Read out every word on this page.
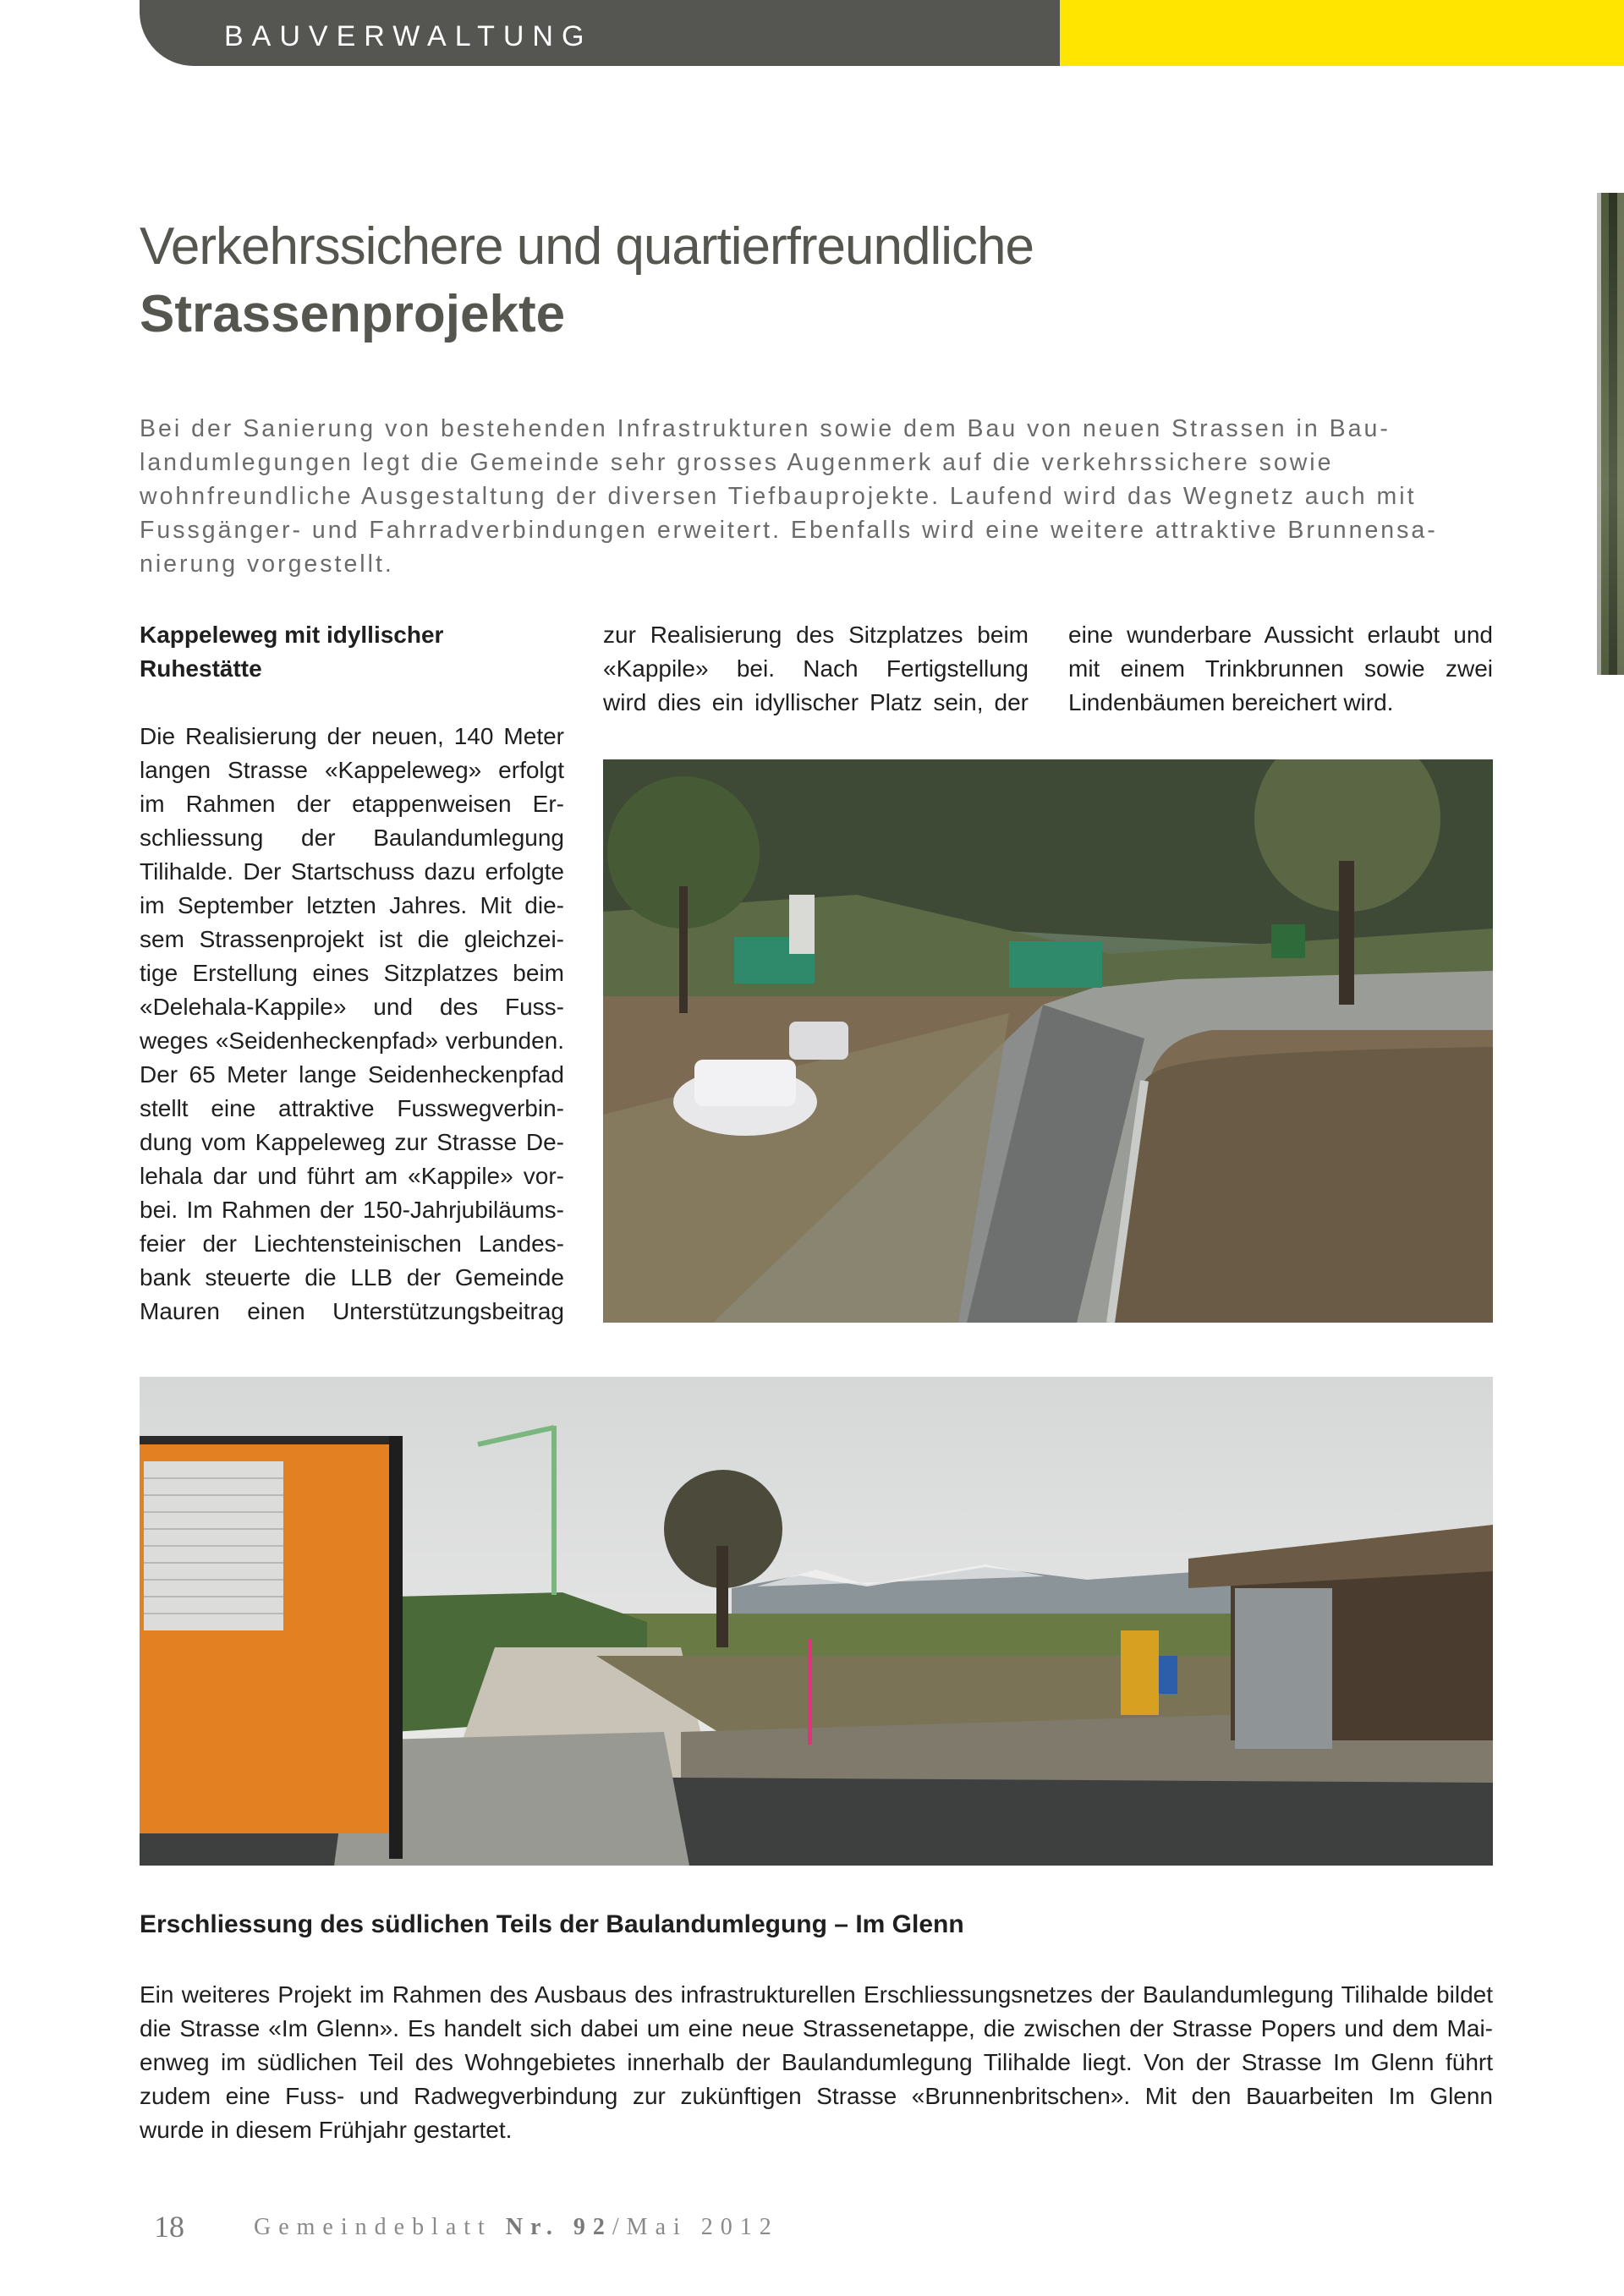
BAUVERWALTUNG
Verkehrssichere und quartierfreundliche
Strassenprojekte
Bei der Sanierung von bestehenden Infrastrukturen sowie dem Bau von neuen Strassen in Bau-
landumlegungen legt die Gemeinde sehr grosses Augenmerk auf die verkehrssichere sowie
wohnfreundliche Ausgestaltung der diversen Tiefbauprojekte. Laufend wird das Wegnetz auch mit
Fussgänger- und Fahrradverbindungen erweitert. Ebenfalls wird eine weitere attraktive Brunnensa-
nierung vorgestellt.
Kappeleweg mit idyllischer
Ruhestätte
Die Realisierung der neuen, 140 Meter
langen Strasse «Kappeleweg» erfolgt
im Rahmen der etappenweisen Er-
schliessung der Baulandumlegung
Tilihalde. Der Startschuss dazu erfolgte
im September letzten Jahres. Mit die-
sem Strassenprojekt ist die gleichzei-
tige Erstellung eines Sitzplatzes beim
«Delehala-Kappile» und des Fuss-
weges «Seidenheckenpfad» verbunden.
Der 65 Meter lange Seidenheckenpfad
stellt eine attraktive Fusswegverbin-
dung vom Kappeleweg zur Strasse De-
lehala dar und führt am «Kappile» vor-
bei. Im Rahmen der 150-Jahrjubiläums-
feier der Liechtensteinischen Landes-
bank steuerte die LLB der Gemeinde
Mauren einen Unterstützungsbeitrag
zur Realisierung des Sitzplatzes beim
«Kappile» bei. Nach Fertigstellung
wird dies ein idyllischer Platz sein, der
eine wunderbare Aussicht erlaubt und
mit einem Trinkbrunnen sowie zwei
Lindenbäumen bereichert wird.
Erschliessung des südlichen Teils der Baulandumlegung – Im Glenn
Ein weiteres Projekt im Rahmen des Ausbaus des infrastrukturellen Erschliessungsnetzes der Baulandumlegung Tilihalde bildet
die Strasse «Im Glenn». Es handelt sich dabei um eine neue Strassenetappe, die zwischen der Strasse Popers und dem Mai-
enweg im südlichen Teil des Wohngebietes innerhalb der Baulandumlegung Tilihalde liegt. Von der Strasse Im Glenn führt
zudem eine Fuss- und Radwegverbindung zur zukünftigen Strasse «Brunnenbritschen». Mit den Bauarbeiten Im Glenn
wurde in diesem Frühjahr gestartet.
18	Gemeindeblatt Nr. 92/Mai 2012
